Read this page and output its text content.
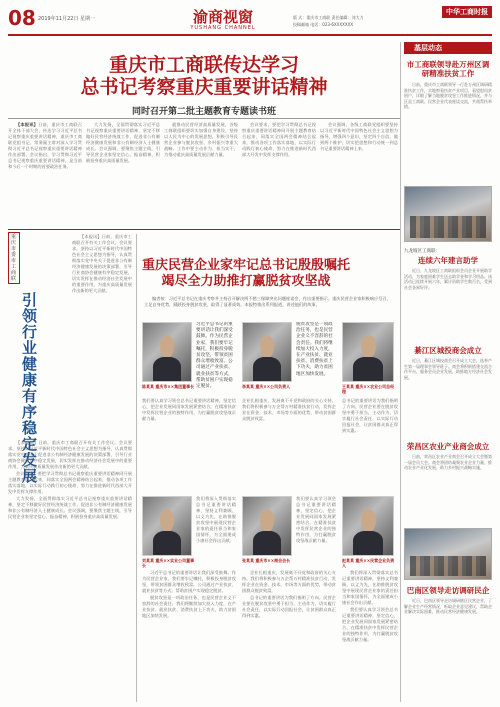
08 2019年11月22日 星期一	渝商视窗
YUSHANG CHANNEL
版 式：重庆市工商联 责任编辑：刘大力
投稿邮箱 电话：023-6XXXXXXX
中华工商时报
重庆市工商联传达学习
总书记考察重庆重要讲话精神
同时召开第二批主题教育专题读书班

【本报讯】日前，重庆市工商联召开全体干部大会，传达学习习近平总书记视察重庆重要讲话精神，重庆市工商联党组书记、常务副主席对深入学习贯彻习近平总书记视察重庆重要讲话精神作出部署。会议指出，学习贯彻习近平总书记视察重庆重要讲话精神，是当前和今后一个时期的首要政治任务。

大力发扬，全面贯彻落实习近平总书记视察重庆重要讲话精神，坚定不移做好民营经济统战工作，促进非公有制经济健康发展和非公有制经济人士健康成长。会议强调，要聚焦主题主线，引导民营企业家坚定信心、振奋精神，积极投身重庆高质量发展。

就推动民营经济高质量发展，各级工商联组织要切实加强自身建设，坚持以人民为中心的发展思想，积极引导民营企业参与脱贫攻坚、乡村振兴等重大战略。工作中要主动作为、担当实干，为推动重庆高质量发展贡献力量。

会议要求，要把学习贯彻总书记视察重庆重要讲话精神同开展主题教育结合起来，同落实全国两会精神结合起来，推动各项工作落实落地，以实际行动践行初心使命，努力在推进新时代西部大开发中发挥支撑作用。

会议强调，各级工商联党组织要坚持以习近平新时代中国特色社会主义思想为指导，增强四个意识，坚定四个自信，做到两个维护，切实把思想和行动统一到总书记重要讲话精神上来。

重庆市委市工商联
引领行业健康有序稳定发展

【本报讯】日前，重庆市工商联召开有关工作会议。会议要求，坚持以习近平新时代中国特色社会主义思想为指导，认真贯彻落实党中央关于促进非公有制经济健康发展的决策部署，引导行业商协会健康有序稳定发展，切实发挥在推动经济社会发展中的重要作用，为重庆高质量发展作出新的更大贡献。

【本报讯】日前，重庆市工商联召开有关工作会议。会议要求，坚持以习近平新时代中国特色社会主义思想为指导，认真贯彻落实党中央关于促进非公有制经济健康发展的决策部署，引导行业商协会健康有序稳定发展，切实发挥在推动经济社会发展中的重要作用，为重庆高质量发展作出新的更大贡献。

会议要求，要把学习贯彻总书记视察重庆重要讲话精神同开展主题教育结合起来，同落实全国两会精神结合起来，推动各项工作落实落地，以实际行动践行初心使命，努力在推进新时代西部大开发中发挥支撑作用。

大力发扬，全面贯彻落实习近平总书记视察重庆重要讲话精神，坚定不移做好民营经济统战工作，促进非公有制经济健康发展和非公有制经济人士健康成长。会议强调，要聚焦主题主线，引导民营企业家坚定信心、振奋精神，积极投身重庆高质量发展。

重庆民营企业家牢记总书记殷殷嘱托
竭尽全力助推打赢脱贫攻坚战
编者按：习近平总书记在重庆考察并主持召开解决两不愁三保障突出问题座谈会，作出重要指示。重庆民营企业家积极响应号召，立足自身优势，踊跃投身脱贫攻坚，取得了显著成效。本报特推出系列报道，讲述他们的故事。
陈某某 重庆市××集团董事长
习近平总书记的重要讲话让我们深受鼓舞。作为民营企业家，我们要牢记嘱托，积极投身脱贫攻坚，带领贫困群众增收致富。公司通过产业扶贫、就业扶贫等方式，帮助贫困户实现稳定脱贫。
我们要认真学习领会总书记重要讲话精神，坚定信心，把企业发展同国家发展紧密结合，在精准扶贫中发挥民营企业的独特作用，为打赢脱贫攻坚战贡献力量。
李某某 重庆××公司负责人
脱贫攻坚是一项政治任务，也是民营企业义不容辞的社会责任。我们将继续加大投入力度，在产业扶贫、就业扶贫、消费扶贫上下功夫，助力贫困地区加快发展。
企业扎根重庆，发展离不开党和政府的关心支持。我们将积极参与万企帮万村精准扶贫行动，发挥企业在资金、技术、市场等方面的优势，带动贫困群众脱贫致富。
王某某 重庆××农业公司总经理
总书记的重要讲话为我们指明了方向。民营企业要在脱贫攻坚中勇于担当，主动作为，切实履行社会责任，以实际行动回报社会，让贫困群众真正得到实惠。
刘某某 重庆××实业公司董事长
我们将深入贯彻落实总书记重要讲话精神，坚持义利兼顾，以义为先，在助推脱贫攻坚中展现民营企业家的责任担当和家国情怀，为全面建成小康社会作出贡献。

习近平总书记的重要讲话让我们深受鼓舞。作为民营企业家，我们要牢记嘱托，积极投身脱贫攻坚，带领贫困群众增收致富。公司通过产业扶贫、就业扶贫等方式，帮助贫困户实现稳定脱贫。

脱贫攻坚是一项政治任务，也是民营企业义不容辞的社会责任。我们将继续加大投入力度，在产业扶贫、就业扶贫、消费扶贫上下功夫，助力贫困地区加快发展。

张某某 重庆市××商会会长
我们要认真学习领会总书记重要讲话精神，坚定信心，把企业发展同国家发展紧密结合，在精准扶贫中发挥民营企业的独特作用，为打赢脱贫攻坚战贡献力量。

企业扎根重庆，发展离不开党和政府的关心支持。我们将积极参与万企帮万村精准扶贫行动，发挥企业在资金、技术、市场等方面的优势，带动贫困群众脱贫致富。

总书记的重要讲话为我们指明了方向。民营企业要在脱贫攻坚中勇于担当，主动作为，切实履行社会责任，以实际行动回报社会，让贫困群众真正得到实惠。

赵某某 重庆××民营企业负责人

我们将深入贯彻落实总书记重要讲话精神，坚持义利兼顾，以义为先，在助推脱贫攻坚中展现民营企业家的责任担当和家国情怀，为全面建成小康社会作出贡献。

我们要认真学习领会总书记重要讲话精神，坚定信心，把企业发展同国家发展紧密结合，在精准扶贫中发挥民营企业的独特作用，为打赢脱贫攻坚战贡献力量。

基层动态
市工商联领导赴万州区调研精准扶贫工作

日前，重庆市工商联领导一行赴万州区调研精准扶贫工作，实地察看扶贫产业项目，看望慰问贫困户，详细了解当地脱贫攻坚工作推进情况，并与区县工商联、民营企业代表座谈交流，共商帮扶举措。

九龙坡区工商联：
连续六年建言助学

近日，九龙坡区工商联组织会员企业开展助学活动，为家庭困难学生送去助学金和学习用品。该活动已连续开展六年，累计资助学生数百名，受到社会各界好评。

綦江区城投商会成立

近日，綦江区城投商会召开成立大会，选举产生第一届理事会领导班子。商会将积极搭建交流合作平台，服务会员企业发展，助推地方经济社会发展。

荣昌区农业产业商会成立

日前，荣昌区农业产业商会召开成立大会暨第一届会员大会。商会将团结凝聚农业企业力量，推动农业产业化发展，助力乡村振兴战略实施。

巴南区领导走访调研民企

近日，巴南区领导走访调研辖区民营企业，了解企业生产经营情况，听取企业意见建议，帮助企业解决实际困难，推动民营经济健康发展。
